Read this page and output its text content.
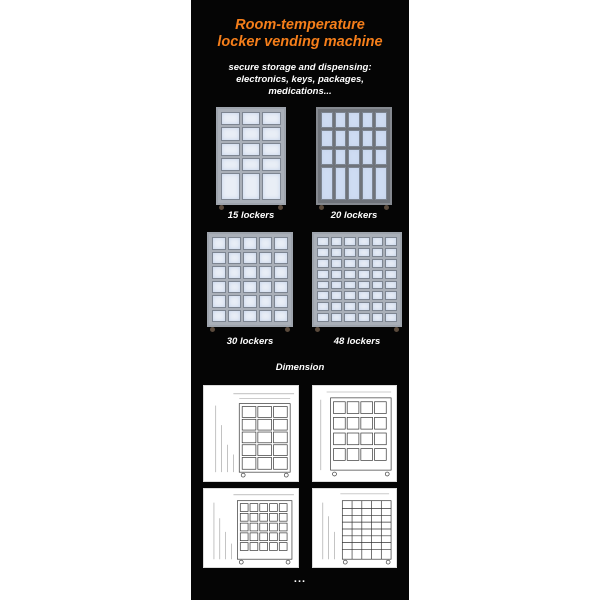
Room-temperature
locker vending machine
secure storage and dispensing:
electronics, keys, packages,
medications...
15 lockers	20 lockers
30 lockers	48 lockers
Dimension
...
